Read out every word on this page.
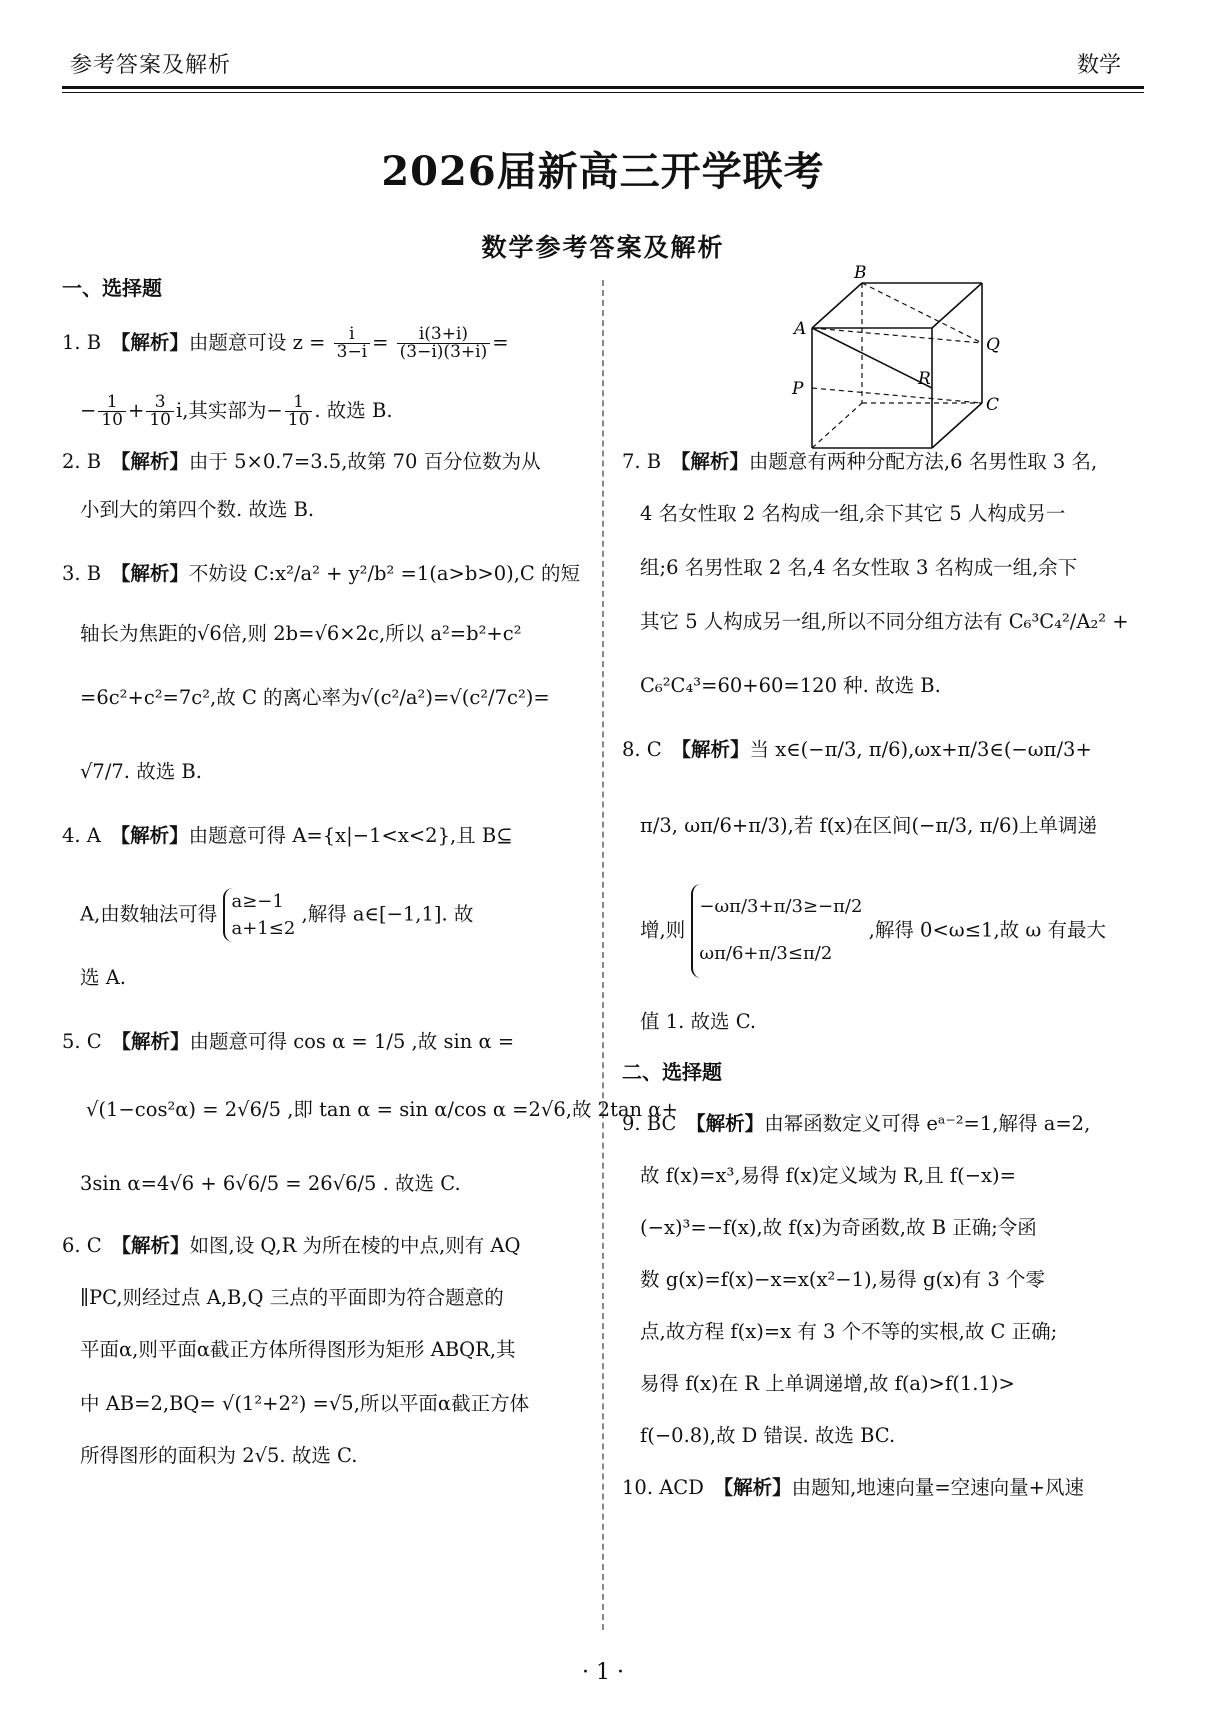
参考答案及解析	数学
2026届新高三开学联考
数学参考答案及解析
一、选择题
1. B　【解析】由题意可设 $z = \frac{i}{3-i} = \frac{i(3+i)}{(3-i)(3+i)}$ =
− $\frac{1}{10} + \frac{3}{10} i$,其实部为− $\frac{1}{10}$ . 故选 B.
2. B　【解析】由于 5×0.7=3.5,故第 70 百分位数为从
小到大的第四个数. 故选 B.
3. B　【解析】不妨设 C:x²/a² + y²/b² =1(a>b>0),C 的短
轴长为焦距的√6倍,则 2b=√6×2c,所以 a²=b²+c²
=6c²+c²=7c²,故 C 的离心率为√(c²/a²)=√(c²/7c²)=
√7/7. 故选 B.
4. A　【解析】由题意可得 A={x|−1<x<2},且 B⊆
A,由数轴法可得
a≥−1
a+1≤2
,解得 a∈[−1,1]. 故
选 A.
5. C　【解析】由题意可得 cos α = 1/5 ,故 sin α =
√(1−cos²α) = 2√6/5 ,即 tan α = sin α/cos α =2√6,故 2tan α+
3sin α=4√6 + 6√6/5 = 26√6/5 . 故选 C.
6. C　【解析】如图,设 Q,R 为所在棱的中点,则有 AQ
∥PC,则经过点 A,B,Q 三点的平面即为符合题意的
平面α,则平面α截正方体所得图形为矩形 ABQR,其
中 AB=2,BQ= √(1²+2²) =√5,所以平面α截正方体
所得图形的面积为 2√5. 故选 C.
B
A
Q
R
P
C
7. B　【解析】由题意有两种分配方法,6 名男性取 3 名,
4 名女性取 2 名构成一组,余下其它 5 人构成另一
组;6 名男性取 2 名,4 名女性取 3 名构成一组,余下
其它 5 人构成另一组,所以不同分组方法有 C₆³C₄²/A₂² +
C₆²C₄³=60+60=120 种. 故选 B.
8. C　【解析】当 x∈(−π/3, π/6),ωx+π/3∈(−ωπ/3+
π/3, ωπ/6+π/3),若 f(x)在区间(−π/3, π/6)上单调递
增,则
−ωπ/3+π/3≥−π/2
ωπ/6+π/3≤π/2
,解得 0<ω≤1,故 ω 有最大
值 1. 故选 C.
二、选择题
9. BC　【解析】由幂函数定义可得 eᵃ⁻²=1,解得 a=2,
故 f(x)=x³,易得 f(x)定义域为 R,且 f(−x)=
(−x)³=−f(x),故 f(x)为奇函数,故 B 正确;令函
数 g(x)=f(x)−x=x(x²−1),易得 g(x)有 3 个零
点,故方程 f(x)=x 有 3 个不等的实根,故 C 正确;
易得 f(x)在 R 上单调递增,故 f(a)>f(1.1)>
f(−0.8),故 D 错误. 故选 BC.
10. ACD　【解析】由题知,地速向量=空速向量+风速
· 1 ·
